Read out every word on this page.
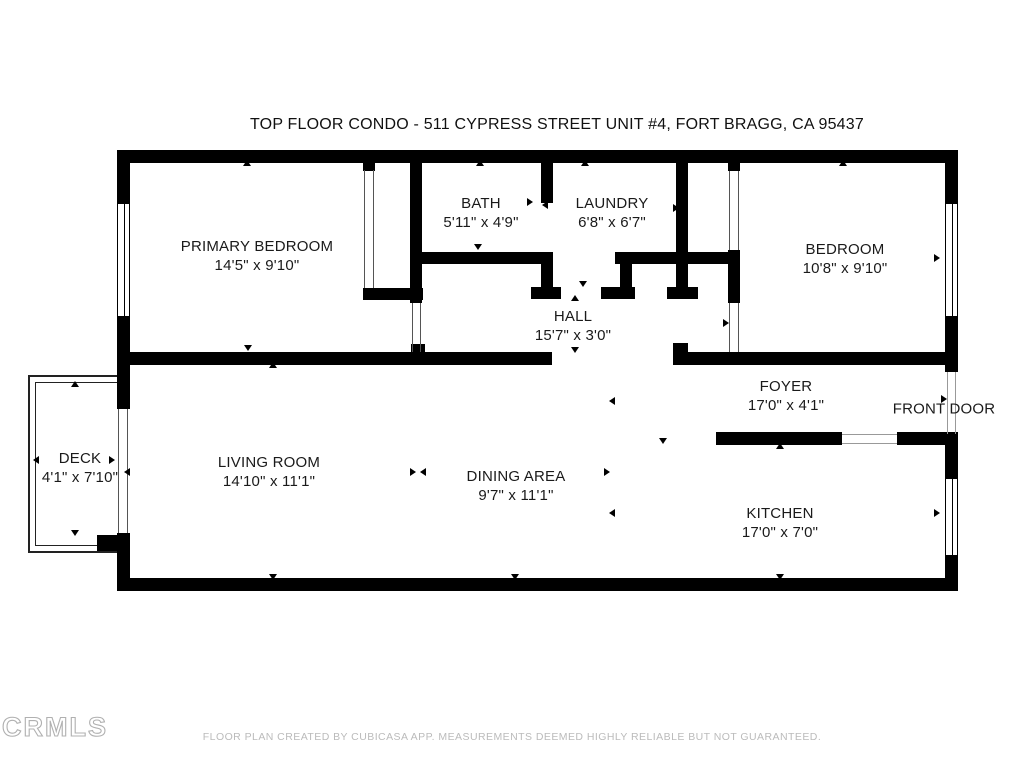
TOP FLOOR CONDO - 511 CYPRESS STREET UNIT #4, FORT BRAGG, CA 95437
PRIMARY BEDROOM
14'5" x 9'10"
BATH
5'11" x 4'9"
LAUNDRY
6'8" x 6'7"
BEDROOM
10'8" x 9'10"
HALL
15'7" x 3'0"
FOYER
17'0" x 4'1"
DECK
4'1" x 7'10"
LIVING ROOM
14'10" x 11'1"	DINING AREA
9'7" x 11'1"
KITCHEN
17'0" x 7'0"
FRONT DOOR
CRMLS	FLOOR PLAN CREATED BY CUBICASA APP. MEASUREMENTS DEEMED HIGHLY RELIABLE BUT NOT GUARANTEED.
